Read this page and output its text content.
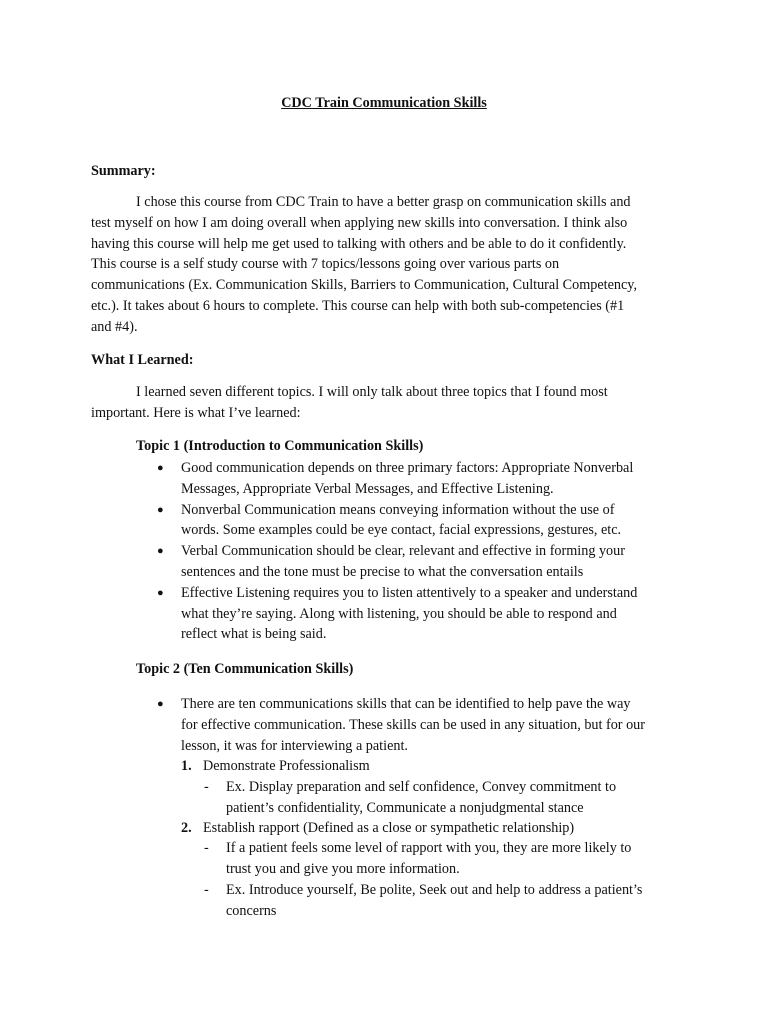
CDC Train Communication Skills
Summary:
I chose this course from CDC Train to have a better grasp on communication skills and
test myself on how I am doing overall when applying new skills into conversation. I think also
having this course will help me get used to talking with others and be able to do it confidently.
This course is a self study course with 7 topics/lessons going over various parts on
communications (Ex. Communication Skills, Barriers to Communication, Cultural Competency,
etc.). It takes about 6 hours to complete. This course can help with both sub-competencies (#1
and #4).
What I Learned:
I learned seven different topics. I will only talk about three topics that I found most
important. Here is what I’ve learned:
Topic 1 (Introduction to Communication Skills)
● Good communication depends on three primary factors: Appropriate Nonverbal
Messages, Appropriate Verbal Messages, and Effective Listening.
● Nonverbal Communication means conveying information without the use of
words. Some examples could be eye contact, facial expressions, gestures, etc.
● Verbal Communication should be clear, relevant and effective in forming your
sentences and the tone must be precise to what the conversation entails
● Effective Listening requires you to listen attentively to a speaker and understand
what they’re saying. Along with listening, you should be able to respond and
reflect what is being said.
Topic 2 (Ten Communication Skills)
● There are ten communications skills that can be identified to help pave the way
for effective communication. These skills can be used in any situation, but for our
lesson, it was for interviewing a patient.
1. Demonstrate Professionalism
- Ex. Display preparation and self confidence, Convey commitment to
patient’s confidentiality, Communicate a nonjudgmental stance
2. Establish rapport (Defined as a close or sympathetic relationship)
- If a patient feels some level of rapport with you, they are more likely to
trust you and give you more information.
- Ex. Introduce yourself, Be polite, Seek out and help to address a patient’s
concerns
